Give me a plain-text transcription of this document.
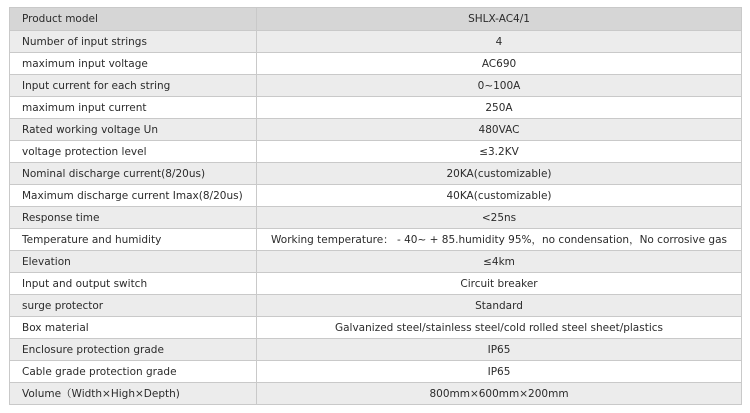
Product model	SHLX-AC4/1
Number of input strings	4
maximum input voltage	AC690
Input current for each string	0~100A
maximum input current	250A
Rated working voltage Un	480VAC
voltage protection level	≤3.2KV
Nominal discharge current(8/20us)	20KA(customizable)
Maximum discharge current Imax(8/20us)	40KA(customizable)
Response time	<25ns
Temperature and humidity	Working temperature： - 40~ + 85.humidity 95%，no condensation，No corrosive gas
Elevation	≤4km
Input and output switch	Circuit breaker
surge protector	Standard
Box material	Galvanized steel/stainless steel/cold rolled steel sheet/plastics
Enclosure protection grade	IP65
Cable grade protection grade	IP65
Volume（Width×High×Depth)	800mm×600mm×200mm
